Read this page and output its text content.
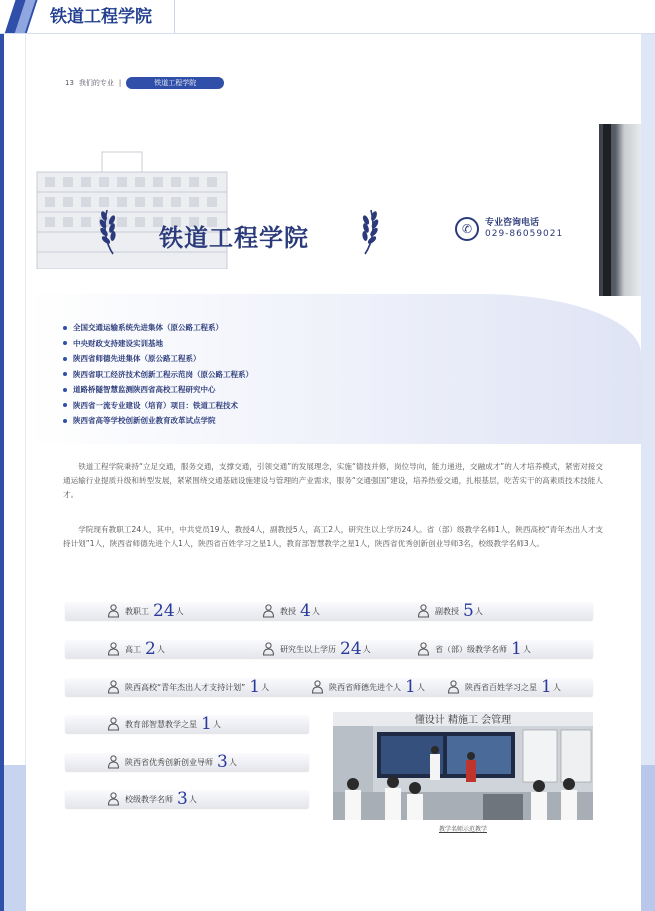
铁道工程学院
13 我们的专业 |	铁道工程学院
铁道工程学院	✆	专业咨询电话
029-86059021
全国交通运输系统先进集体（原公路工程系）
中央财政支持建设实训基地
陕西省师德先进集体（原公路工程系）
陕西省职工经济技术创新工程示范岗（原公路工程系）
道路桥隧智慧监测陕西省高校工程研究中心
陕西省一流专业建设（培育）项目：铁道工程技术
陕西省高等学校创新创业教育改革试点学院

铁道工程学院秉持“立足交通，服务交通，支撑交通，引领交通”的发展理念，实施“德技并修，岗位导向，能力递进，交融成才”的人才培养模式，紧密对接交通运输行业提质升级和转型发展，紧紧围绕交通基础设施建设与管理的产业需求，服务“交通强国”建设，培养热爱交通，扎根基层，吃苦实干的高素质技术技能人才。

学院现有教职工24人，其中，中共党员19人，教授4人，副教授5人，高工2人，研究生以上学历24人。省（部）级教学名师1人，陕西高校“青年杰出人才支持计划”1人，陕西省师德先进个人1人，陕西省百姓学习之星1人，教育部智慧教学之星1人，陕西省优秀创新创业导师3名，校级教学名师3人。

教职工 24 人	教授 4 人	副教授 5 人
高工 2 人	研究生以上学历 24 人	省（部）级教学名师 1 人
陕西高校“青年杰出人才支持计划” 1 人	陕西省师德先进个人 1 人	陕西省百姓学习之星 1 人
教育部智慧教学之星 1 人
陕西省优秀创新创业导师 3 人
校级教学名师 3 人
懂设计 精施工 会管理
教学名师示范教学
